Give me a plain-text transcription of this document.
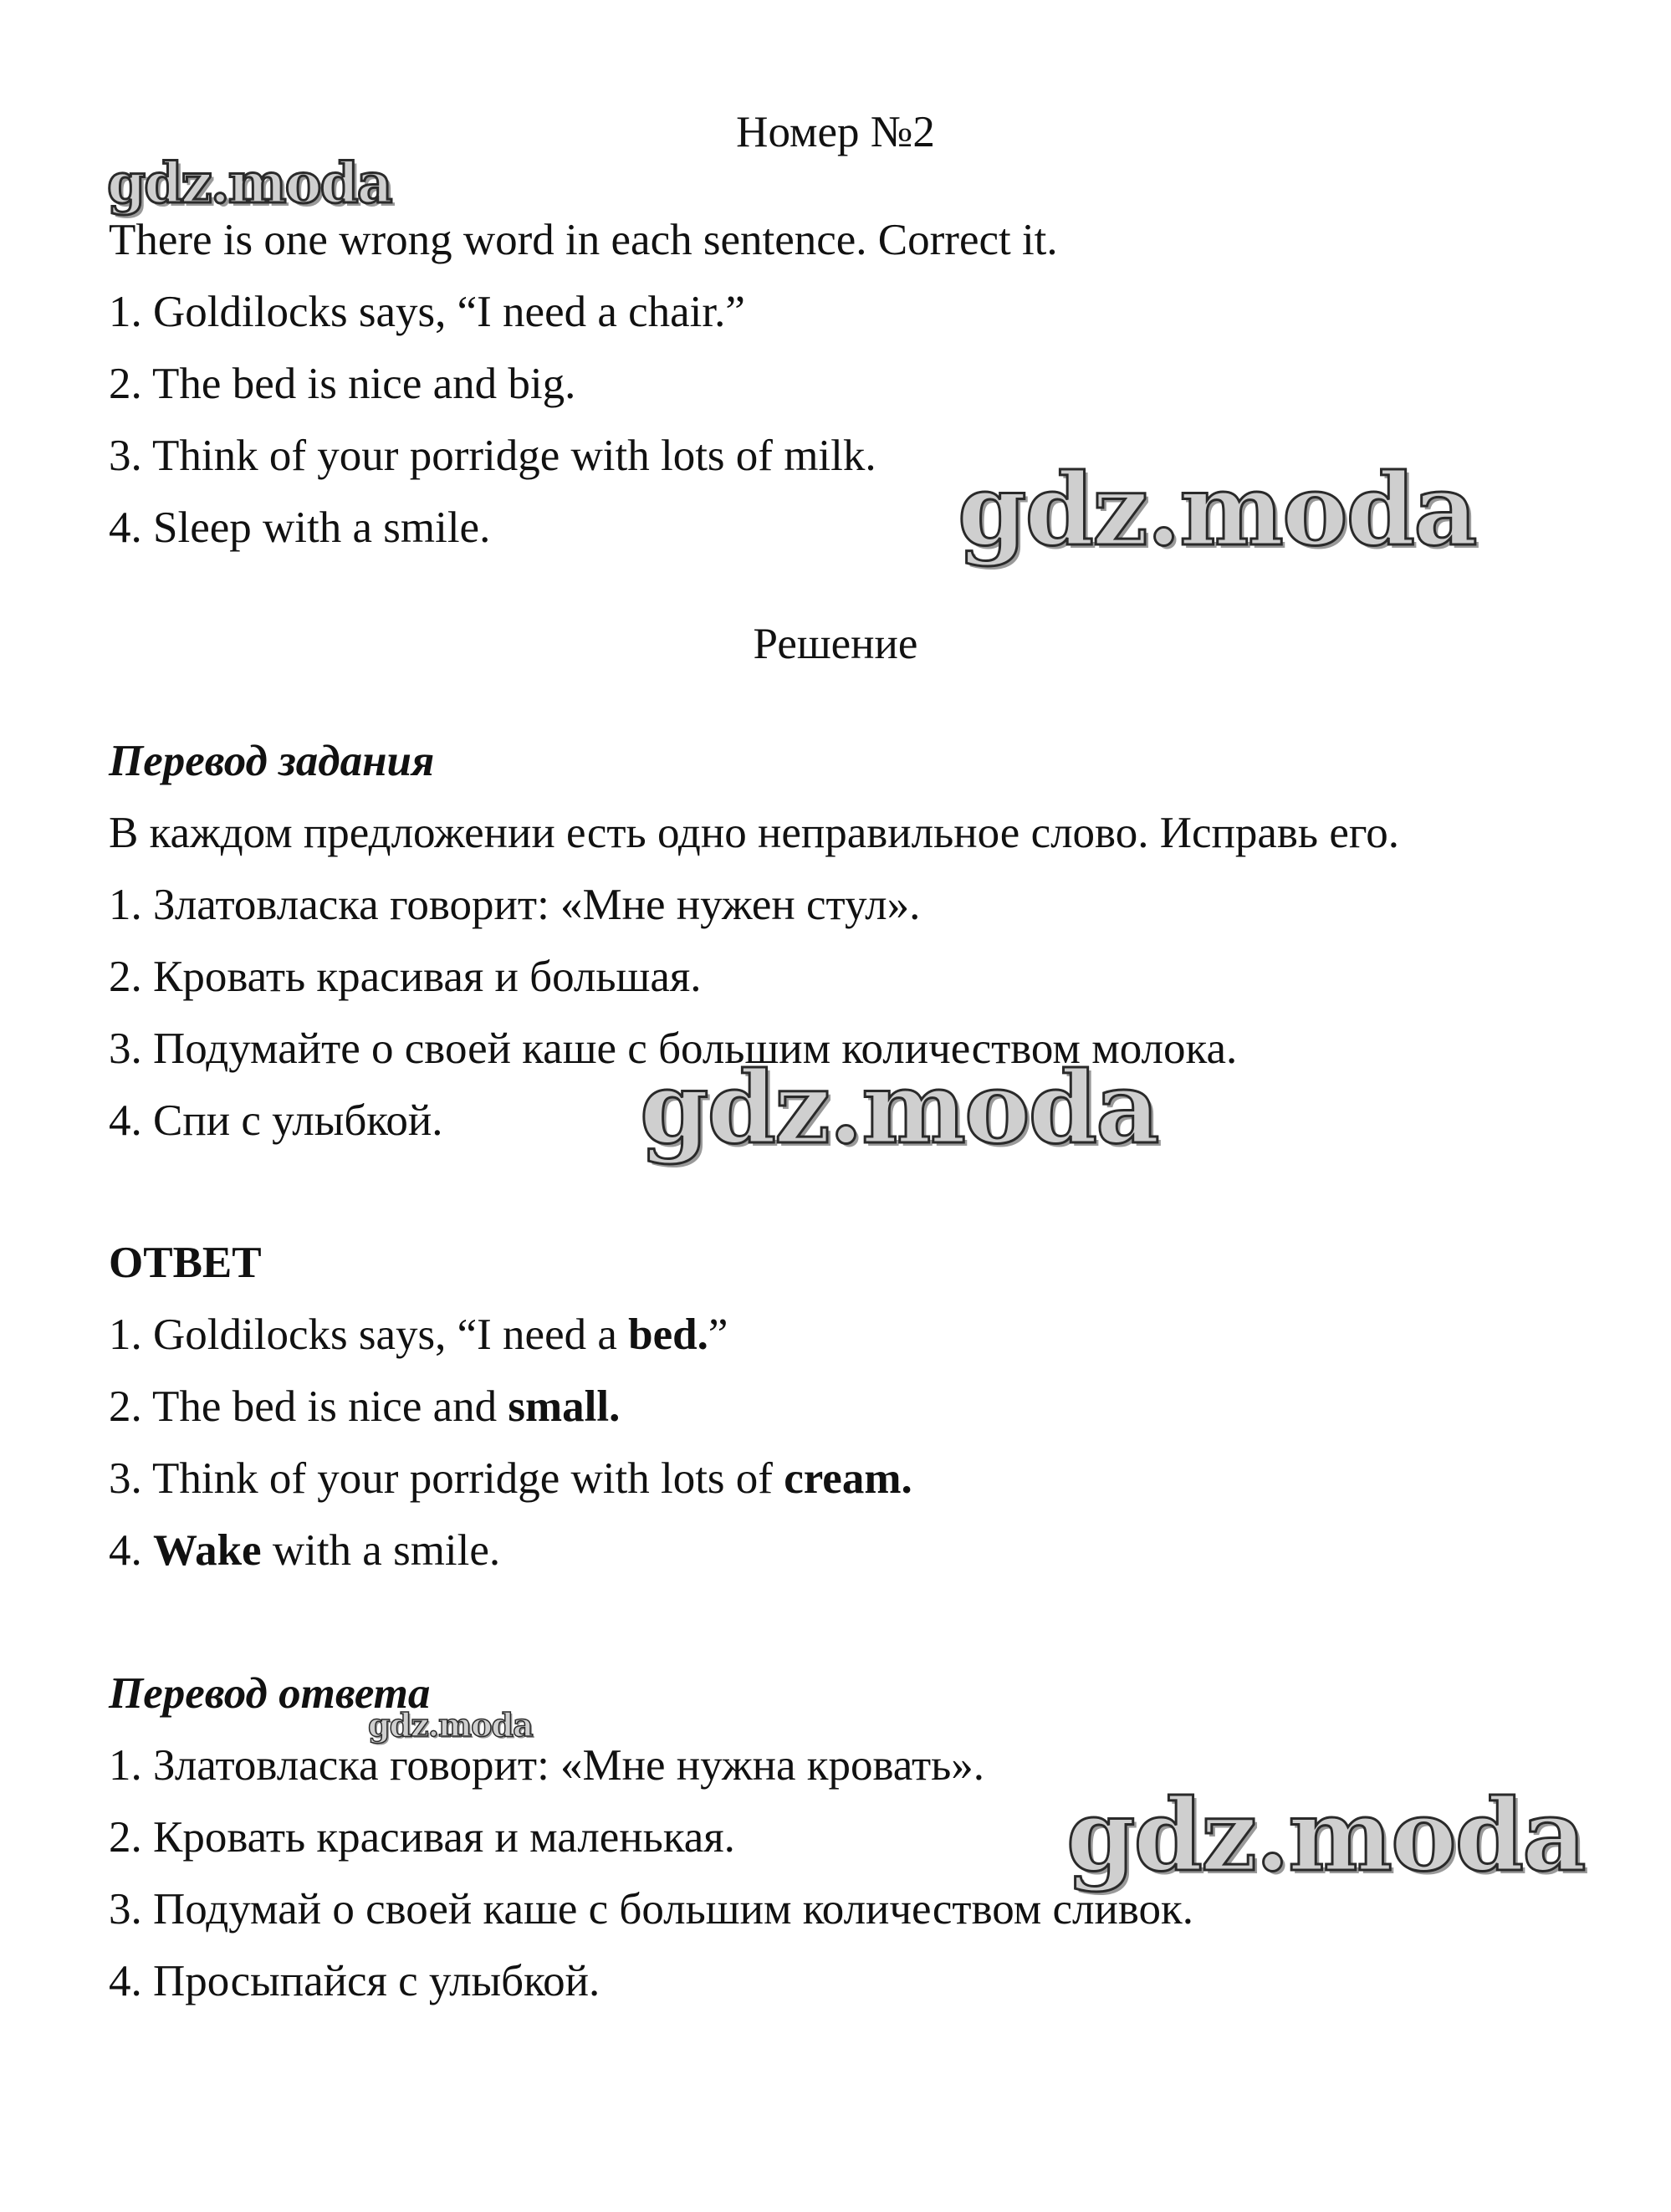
Номер №2
There is one wrong word in each sentence. Correct it.
1. Goldilocks says, “I need a chair.”
2. The bed is nice and big.
3. Think of your porridge with lots of milk.
4. Sleep with a smile.
Решение
Перевод задания
В каждом предложении есть одно неправильное слово. Исправь его.
1. Златовласка говорит: «Мне нужен стул».
2. Кровать красивая и большая.
3. Подумайте о своей каше с большим количеством молока.
4. Спи с улыбкой.
ОТВЕТ
1. Goldilocks says, “I need a bed.”
2. The bed is nice and small.
3. Think of your porridge with lots of cream.
4. Wake with a smile.
Перевод ответа
1. Златовласка говорит: «Мне нужна кровать».
2. Кровать красивая и маленькая.
3. Подумай о своей каше с большим количеством сливок.
4. Просыпайся с улыбкой.
gdz.moda
gdz.moda
gdz.moda
gdz.moda
gdz.moda
